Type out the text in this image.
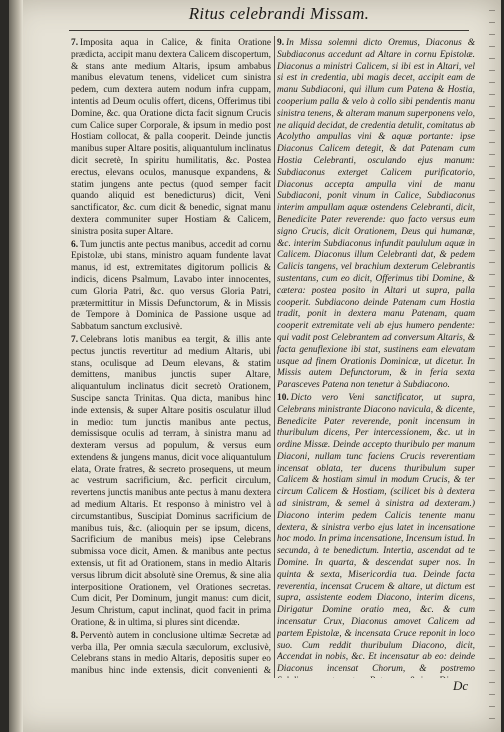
Ritus celebrandi Missam.

7. Imposita aqua in Calice, & finita Oratione prædicta, accipit manu dextera Calicem discopertum, & stans ante medium Altaris, ipsum ambabus manibus elevatum tenens, videlicet cum sinistra pedem, cum dextera autem nodum infra cuppam, intentis ad Deum oculis offert, dicens, Offerimus tibi Domine, &c. qua Oratione dicta facit signum Crucis cum Calice super Corporale, & ipsum in medio post Hostiam collocat, & palla cooperit. Deinde junctis manibus super Altare positis, aliquantulum inclinatus dicit secretè, In spiritu humilitatis, &c. Postea erectus, elevans oculos, manusque expandens, & statim jungens ante pectus (quod semper facit quando aliquid est benedicturus) dicit, Veni sanctificator, &c. cum dicit & benedic, signat manu dextera communiter super Hostiam & Calicem, sinistra posita super Altare.

6. Tum junctis ante pectus manibus, accedit ad cornu Epistolæ, ubi stans, ministro aquam fundente lavat manus, id est, extremitates digitorum pollicis & indicis, dicens Psalmum, Lavabo inter innocentes, cum Gloria Patri, &c. quo versus Gloria Patri, prætermittitur in Missis Defunctorum, & in Missis de Tempore à Dominica de Passione usque ad Sabbatum sanctum exclusivè.

7. Celebrans lotis manibus ea tergit, & illis ante pectus junctis revertitur ad medium Altaris, ubi stans, oculisque ad Deum elevans, & statim demittens, manibus junctis super Altare, aliquantulum inclinatus dicit secretò Orationem, Suscipe sancta Trinitas. Qua dicta, manibus hinc inde extensis, & super Altare positis osculatur illud in medio: tum junctis manibus ante pectus, demissisque oculis ad terram, à sinistra manu ad dexteram versus ad populum, & versus eum extendens & jungens manus, dicit voce aliquantulum elata, Orate fratres, & secreto prosequens, ut meum ac vestrum sacrificium, &c. perficit circulum, revertens junctis manibus ante pectus à manu dextera ad medium Altaris. Et responso à ministro vel à circumstantibus, Suscipiat Dominus sacrificium de manibus tuis, &c. (alioquin per se ipsum, dicens, Sacrificium de manibus meis) ipse Celebrans submissa voce dicit, Amen. & manibus ante pectus extensis, ut fit ad Orationem, stans in medio Altaris versus librum dicit absolutè sine Oremus, & sine alia interpositione Orationem, vel Orationes secretas. Cum dicit, Per Dominum, jungit manus: cum dicit, Jesum Christum, caput inclinat, quod facit in prima Oratione, & in ultima, si plures sint dicendæ.

8. Perventò autem in conclusione ultimæ Secretæ ad verba illa, Per omnia sæcula sæculorum, exclusivè, Celebrans stans in medio Altaris, depositis super eo manibus hinc inde extensis, dicit convenienti &

9. In Missa solemni dicto Oremus, Diaconus & Subdiaconus accedunt ad Altare in cornu Epistolæ. Diaconus a ministri Calicem, si ibi est in Altari, vel si est in credentia, ubi magis decet, accipit eam de manu Subdiaconi, qui illum cum Patena & Hostia, cooperium palla & velo à collo sibi pendentis manu sinistra tenens, & alteram manum superponens velo, ne aliquid decidat, de credentia detulit, comitatus ab Acolytho ampullas vini & aquæ portante: ipse Diaconus Calicem detegit, & dat Patenam cum Hostia Celebranti, osculando ejus manum: Subdiaconus exterget Calicem purificatorio, Diaconus accepta ampulla vini de manu Subdiaconi, ponit vinum in Calice, Subdiaconus interim ampullam aquæ ostendens Celebranti, dicit, Benedicite Pater reverende: quo facto versus eum signo Crucis, dicit Orationem, Deus qui humanæ, &c. interim Subdiaconus infundit paululum aquæ in Calicem. Diaconus illum Celebranti dat, & pedem Calicis tangens, vel brachium dexterum Celebrantis sustentans, cum eo dicit, Offerimus tibi Domine, & cætera: postea posito in Altari ut supra, palla cooperit. Subdiacono deinde Patenam cum Hostia tradit, ponit in dextera manu Patenam, quam cooperit extremitate veli ab ejus humero pendente: qui vadit post Celebrantem ad conversum Altaris, & facta genuflexione ibi stat, sustinens eam elevatam usque ad finem Orationis Dominicæ, ut dicetur. In Missis autem Defunctorum, & in feria sexta Parasceves Patena non tenetur à Subdiacono.

10. Dicto vero Veni sanctificator, ut supra, Celebrans ministrante Diacono navicula, & dicente, Benedicite Pater reverende, ponit incensum in thuribulum dicens, Per intercessionem, &c. ut in ordine Missæ. Deinde accepto thuribulo per manum Diaconi, nullam tunc faciens Crucis reverentiam incensat oblata, ter ducens thuribulum super Calicem & hostiam simul in modum Crucis, & ter circum Calicem & Hostiam, (scilicet bis à dextera ad sinistram, & semel à sinistra ad dexteram.) Diacono interim pedem Calicis tenente manu dextera, & sinistra verbo ejus latet in incensatione hoc modo. In prima incensatione, Incensum istud. In secunda, à te benedictum. Intertia, ascendat ad te Domine. In quarta, & descendat super nos. In quinta & sexta, Misericordia tua. Deinde facta reverentia, incensat Crucem & altare, ut dictum est supra, assistente eodem Diacono, interim dicens, Dirigatur Domine oratio mea, &c. & cum incensatur Crux, Diaconus amovet Calicem ad partem Epistolæ, & incensata Cruce reponit in loco suo. Cum reddit thuribulum Diacono, dicit, Accendat in nobis, &c. Et incensatur ab eo: deinde Diaconus incensat Chorum, & postremo

Dc
